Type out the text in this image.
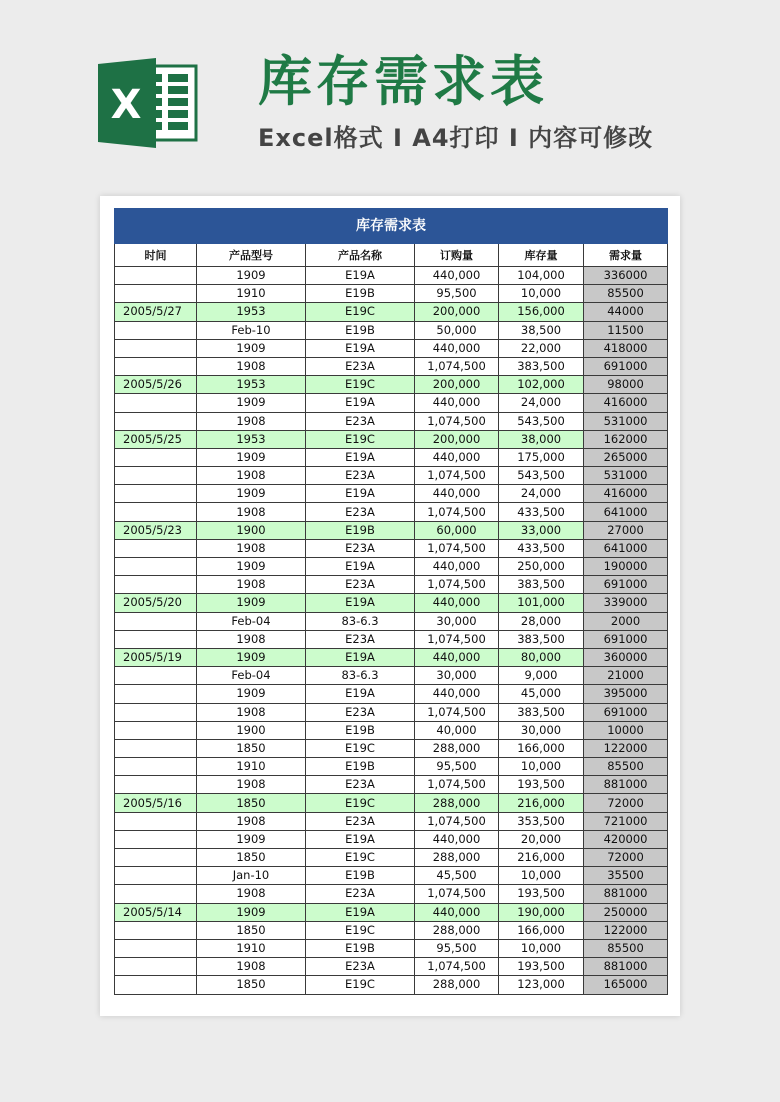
X 库存需求表
Excel格式 I A4打印 I 内容可修改
库存需求表					
时间	产品型号	产品名称	订购量	库存量	需求量
	1909	E19A	440,000	104,000	336000
	1910	E19B	95,500	10,000	85500
2005/5/27	1953	E19C	200,000	156,000	44000
	Feb-10	E19B	50,000	38,500	11500
	1909	E19A	440,000	22,000	418000
	1908	E23A	1,074,500	383,500	691000
2005/5/26	1953	E19C	200,000	102,000	98000
	1909	E19A	440,000	24,000	416000
	1908	E23A	1,074,500	543,500	531000
2005/5/25	1953	E19C	200,000	38,000	162000
	1909	E19A	440,000	175,000	265000
	1908	E23A	1,074,500	543,500	531000
	1909	E19A	440,000	24,000	416000
	1908	E23A	1,074,500	433,500	641000
2005/5/23	1900	E19B	60,000	33,000	27000
	1908	E23A	1,074,500	433,500	641000
	1909	E19A	440,000	250,000	190000
	1908	E23A	1,074,500	383,500	691000
2005/5/20	1909	E19A	440,000	101,000	339000
	Feb-04	83-6.3	30,000	28,000	2000
	1908	E23A	1,074,500	383,500	691000
2005/5/19	1909	E19A	440,000	80,000	360000
	Feb-04	83-6.3	30,000	9,000	21000
	1909	E19A	440,000	45,000	395000
	1908	E23A	1,074,500	383,500	691000
	1900	E19B	40,000	30,000	10000
	1850	E19C	288,000	166,000	122000
	1910	E19B	95,500	10,000	85500
	1908	E23A	1,074,500	193,500	881000
2005/5/16	1850	E19C	288,000	216,000	72000
	1908	E23A	1,074,500	353,500	721000
	1909	E19A	440,000	20,000	420000
	1850	E19C	288,000	216,000	72000
	Jan-10	E19B	45,500	10,000	35500
	1908	E23A	1,074,500	193,500	881000
2005/5/14	1909	E19A	440,000	190,000	250000
	1850	E19C	288,000	166,000	122000
	1910	E19B	95,500	10,000	85500
	1908	E23A	1,074,500	193,500	881000
	1850	E19C	288,000	123,000	165000
